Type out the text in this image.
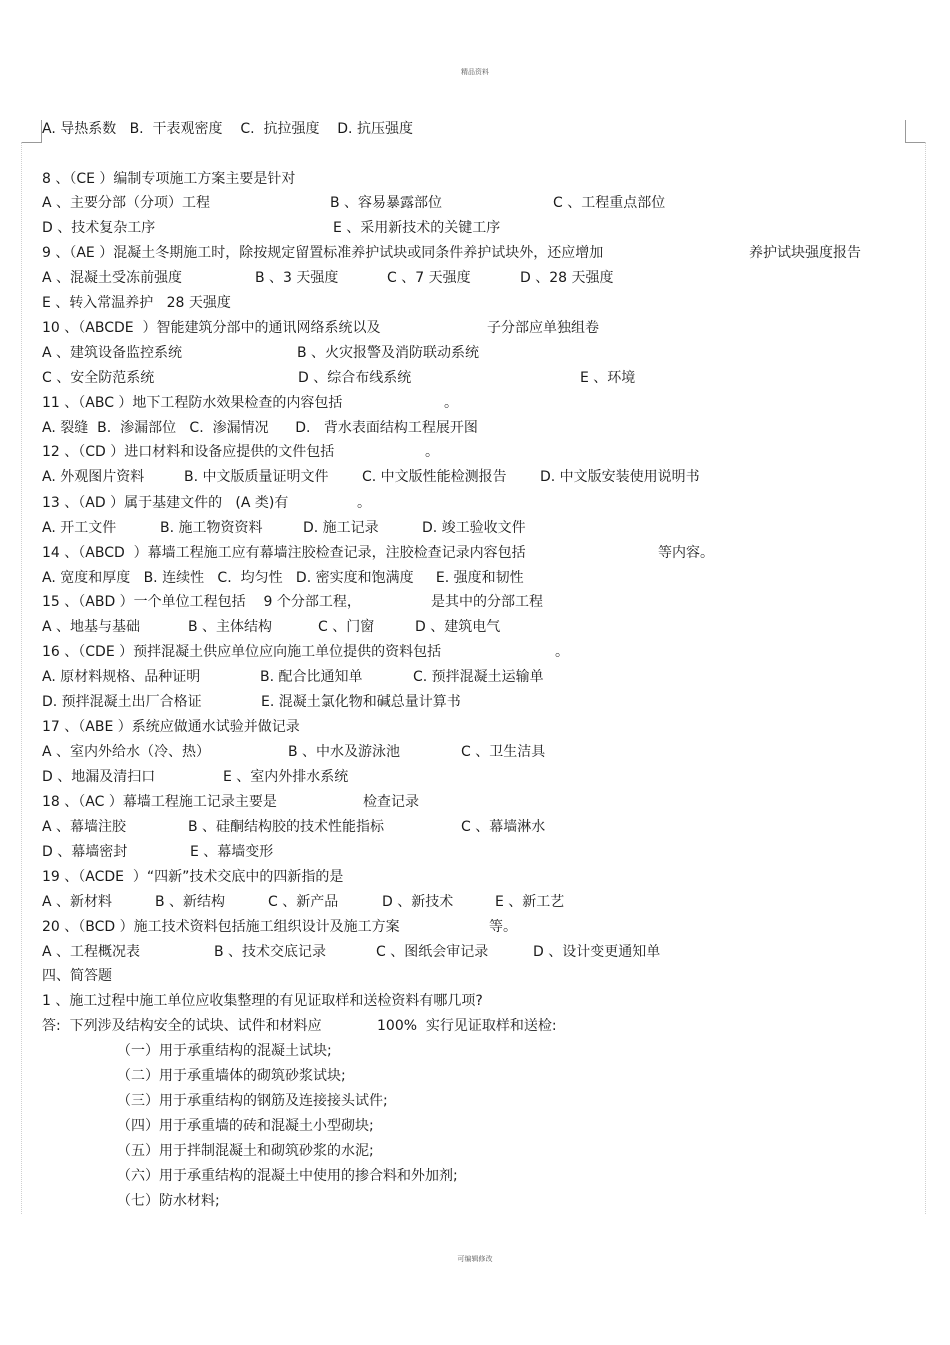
精品资料
A. 导热系数   B.  干表观密度    C.  抗拉强度    D. 抗压强度
8 、（CE ）编制专项施工方案主要是针对
A 、主要分部（分项）工程	B 、容易暴露部位	C 、工程重点部位
D 、技术复杂工序	E 、采用新技术的关键工序
9 、（AE ）混凝土冬期施工时，除按规定留置标准养护试块或同条件养护试块外，还应增加	养护试块强度报告
A 、混凝土受冻前强度	B 、3 天强度	C 、7 天强度	D 、28 天强度
E 、转入常温养护   28 天强度
10 、（ABCDE  ）智能建筑分部中的通讯网络系统以及	子分部应单独组卷
A 、建筑设备监控系统	B 、火灾报警及消防联动系统
C 、安全防范系统	D 、综合布线系统	E 、环境
11 、（ABC ）地下工程防水效果检查的内容包括	。
A. 裂缝  B.  渗漏部位   C.  渗漏情况      D.   背水表面结构工程展开图
12 、（CD ）进口材料和设备应提供的文件包括	。
A. 外观图片资料	B. 中文版质量证明文件 C. 中文版性能检测报告 D. 中文版安装使用说明书
13 、（AD ）属于基建文件的   (A 类)有	。
A. 开工文件	B. 施工物资资料	D. 施工记录	D. 竣工验收文件
14 、（ABCD  ）幕墙工程施工应有幕墙注胶检查记录，注胶检查记录内容包括	等内容。
A. 宽度和厚度   B. 连续性   C.  均匀性   D. 密实度和饱满度     E. 强度和韧性
15 、（ABD ）一个单位工程包括    9 个分部工程，	是其中的分部工程
A 、地基与基础	B 、主体结构	C 、门窗	D 、建筑电气
16 、（CDE ）预拌混凝土供应单位应向施工单位提供的资料包括	。
A. 原材料规格、品种证明	B. 配合比通知单	C. 预拌混凝土运输单
D. 预拌混凝土出厂合格证	E. 混凝土氯化物和碱总量计算书
17 、（ABE ）系统应做通水试验并做记录
A 、室内外给水（冷、热）	B 、中水及游泳池	C 、卫生洁具
D 、地漏及清扫口	E 、室内外排水系统
18 、（AC ）幕墙工程施工记录主要是	检查记录
A 、幕墙注胶	B 、硅酮结构胶的技术性能指标	C 、幕墙淋水
D 、幕墙密封	E 、幕墙变形
19 、（ACDE  ）“四新”技术交底中的四新指的是
A 、新材料	B 、新结构	C 、新产品	D 、新技术	E 、新工艺
20 、（BCD ）施工技术资料包括施工组织设计及施工方案	等。
A 、工程概况表	B 、技术交底记录	C 、图纸会审记录	D 、设计变更通知单
四、简答题
1 、施工过程中施工单位应收集整理的有见证取样和送检资料有哪几项?
答:  下列涉及结构安全的试块、试件和材料应	100%  实行见证取样和送检:
（一）用于承重结构的混凝土试块;
（二）用于承重墙体的砌筑砂浆试块;
（三）用于承重结构的钢筋及连接接头试件;
（四）用于承重墙的砖和混凝土小型砌块;
（五）用于拌制混凝土和砌筑砂浆的水泥;
（六）用于承重结构的混凝土中使用的掺合料和外加剂;
（七）防水材料;
可编辑修改
